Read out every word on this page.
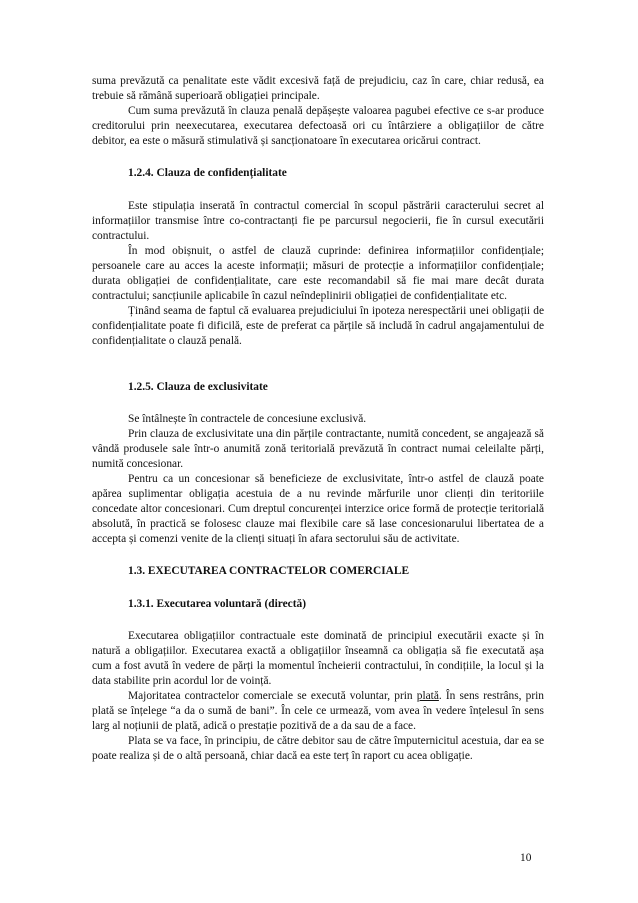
suma prevăzută ca penalitate este vădit excesivă față de prejudiciu, caz în care, chiar redusă, ea trebuie să rămână superioară obligației principale.

Cum suma prevăzută în clauza penală depășește valoarea pagubei efective ce s-ar produce creditorului prin neexecutarea, executarea defectoasă ori cu întârziere a obligațiilor de către debitor, ea este o măsură stimulativă și sancționatoare în executarea oricărui contract.

1.2.4. Clauza de confidențialitate

Este stipulația inserată în contractul comercial în scopul păstrării caracterului secret al informațiilor transmise între co-contractanți fie pe parcursul negocierii, fie în cursul executării contractului.

În mod obișnuit, o astfel de clauză cuprinde: definirea informațiilor confidențiale; persoanele care au acces la aceste informații; măsuri de protecție a informațiilor confidențiale; durata obligației de confidențialitate, care este recomandabil să fie mai mare decât durata contractului; sancțiunile aplicabile în cazul neîndeplinirii obligației de confidențialitate etc.

Ținând seama de faptul că evaluarea prejudiciului în ipoteza nerespectării unei obligații de confidențialitate poate fi dificilă, este de preferat ca părțile să includă în cadrul angajamentului de confidențialitate o clauză penală.

1.2.5. Clauza de exclusivitate

Se întâlnește în contractele de concesiune exclusivă.

Prin clauza de exclusivitate una din părțile contractante, numită concedent, se angajează să vândă produsele sale într-o anumită zonă teritorială prevăzută în contract numai celeilalte părți, numită concesionar.

Pentru ca un concesionar să beneficieze de exclusivitate, într-o astfel de clauză poate apărea suplimentar obligația acestuia de a nu revinde mărfurile unor clienți din teritoriile concedate altor concesionari. Cum dreptul concurenței interzice orice formă de protecție teritorială absolută, în practică se folosesc clauze mai flexibile care să lase concesionarului libertatea de a accepta și comenzi venite de la clienți situați în afara sectorului său de activitate.

1.3. EXECUTAREA CONTRACTELOR COMERCIALE
1.3.1. Executarea voluntară (directă)

Executarea obligațiilor contractuale este dominată de principiul executării exacte și în natură a obligațiilor. Executarea exactă a obligațiilor înseamnă ca obligația să fie executată așa cum a fost avută în vedere de părți la momentul încheierii contractului, în condițiile, la locul și la data stabilite prin acordul lor de voință.

Majoritatea contractelor comerciale se execută voluntar, prin plată. În sens restrâns, prin plată se înțelege “a da o sumă de bani”. În cele ce urmează, vom avea în vedere înțelesul în sens larg al noțiunii de plată, adică o prestație pozitivă de a da sau de a face.

Plata se va face, în principiu, de către debitor sau de către împuternicitul acestuia, dar ea se poate realiza și de o altă persoană, chiar dacă ea este terț în raport cu acea obligație.

10
